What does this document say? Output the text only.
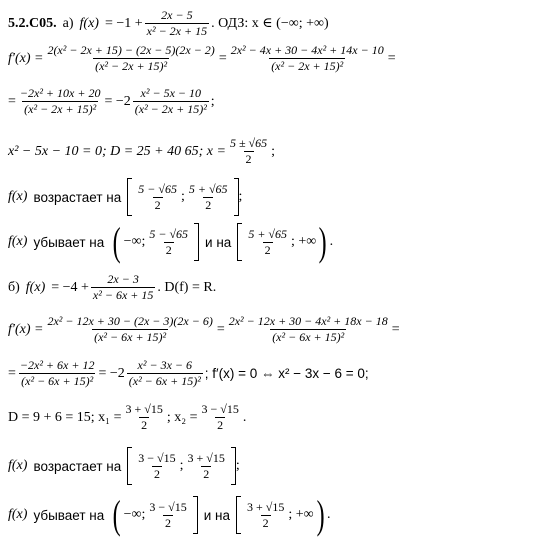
5.2.С05. а) $f(x) = -1 + \frac{2x - 5}{\text{x² − 2x + 15}}$ . ОДЗ: x ∈ (−∞; +∞)
$f'(x) = \frac{\text{2(x² − 2x + 15) − (2x − 5)(2x − 2)}}{\text{(x² − 2x + 15)²}} = \frac{\text{2x² − 4x + 30 − 4x² + 14x − 10}}{\text{(x² − 2x + 15)²}}$ =
= $\frac{\text{−2x² + 10x + 20}}{\text{(x² − 2x + 15)²}} = -2 \frac{\text{x² − 5x − 10}}{\text{(x² − 2x + 15)²}}$ ;
x² − 5x − 10 = 0; D = 25 + 40 65; $x = \frac{5 \pm √65}{2}$ ;
f(x) возрастает на $\frac{5 - √65}{2}$ ; $\frac{5 + √65}{2}$ ;
f(x) убывает на ( −∞; $\frac{5 - √65}{2}$ и на $\frac{5 + √65}{2}$ ; +∞ ) .
б) $f(x) = -4 + \frac{2x - 3}{\text{x² − 6x + 15}}$ . D(f) = R.
$f'(x) = \frac{\text{2x² − 12x + 30 − (2x − 3)(2x − 6)}}{\text{(x² − 6x + 15)²}} = \frac{\text{2x² − 12x + 30 − 4x² + 18x − 18}}{\text{(x² − 6x + 15)²}}$ =
= $\frac{\text{−2x² + 6x + 12}}{\text{(x² − 6x + 15)²}} = -2 \frac{\text{x² − 3x − 6}}{\text{(x² − 6x + 15)²}}$ ; f′(x) = 0 ⇔ x² − 3x − 6 = 0;
D = 9 + 6 = 15; $x_1 = \frac{3 + √15}{2}$ ; $x_2 = \frac{3 - √15}{2}$ .
f(x) возрастает на $\frac{3 - √15}{2}$ ; $\frac{3 + √15}{2}$ ;
f(x) убывает на ( −∞; $\frac{3 - √15}{2}$ и на $\frac{3 + √15}{2}$ ; +∞ ) .
